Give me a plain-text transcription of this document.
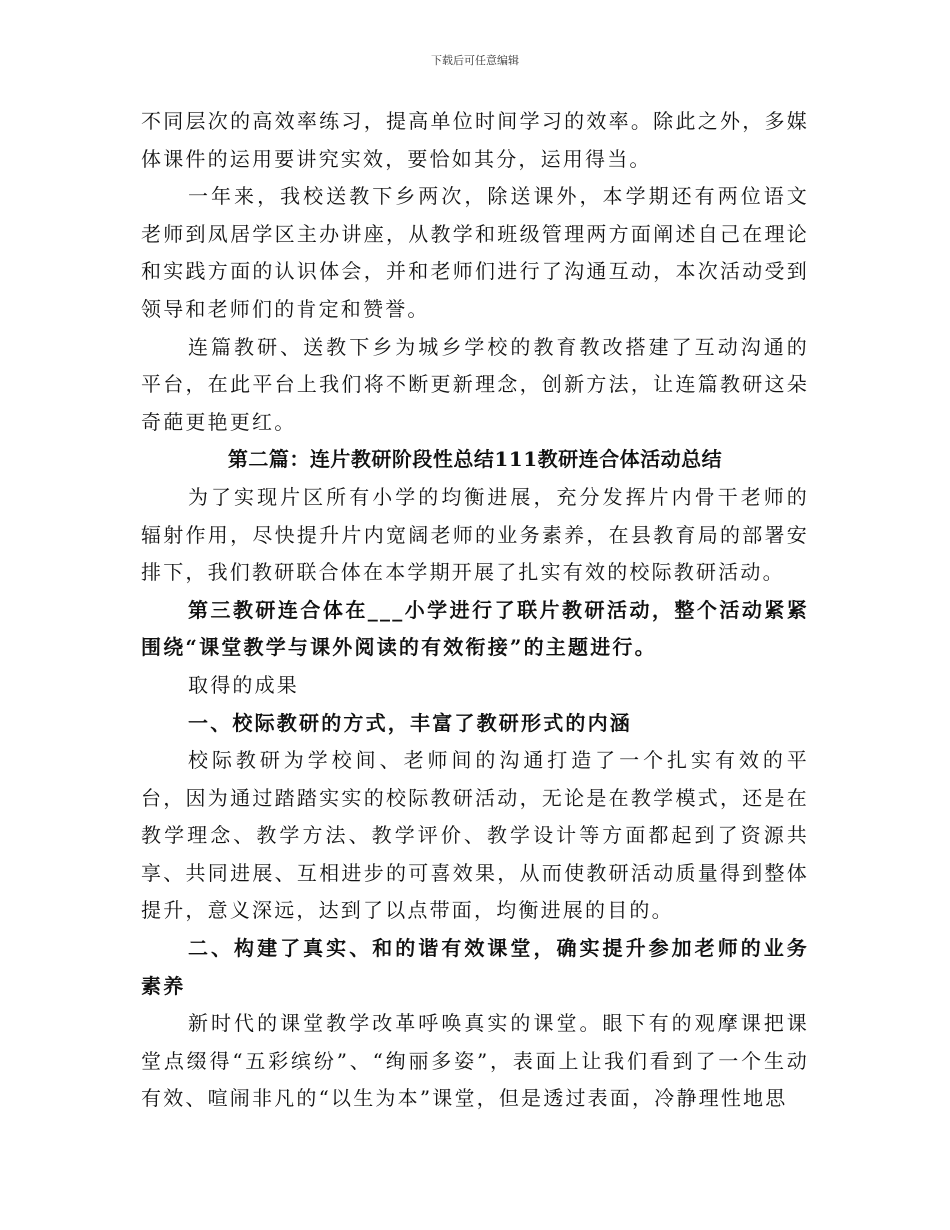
下载后可任意编辑

不同层次的高效率练习，提高单位时间学习的效率。除此之外，多媒体课件的运用要讲究实效，要恰如其分，运用得当。

一年来，我校送教下乡两次，除送课外，本学期还有两位语文老师到凤居学区主办讲座，从教学和班级管理两方面阐述自己在理论和实践方面的认识体会，并和老师们进行了沟通互动，本次活动受到领导和老师们的肯定和赞誉。

连篇教研、送教下乡为城乡学校的教育教改搭建了互动沟通的平台，在此平台上我们将不断更新理念，创新方法，让连篇教研这朵奇葩更艳更红。

第二篇：连片教研阶段性总结111教研连合体活动总结

为了实现片区所有小学的均衡进展，充分发挥片内骨干老师的辐射作用，尽快提升片内宽阔老师的业务素养，在县教育局的部署安排下，我们教研联合体在本学期开展了扎实有效的校际教研活动。

第三教研连合体在___小学进行了联片教研活动，整个活动紧紧围绕“课堂教学与课外阅读的有效衔接”的主题进行。

取得的成果

一、校际教研的方式，丰富了教研形式的内涵

校际教研为学校间、老师间的沟通打造了一个扎实有效的平台，因为通过踏踏实实的校际教研活动，无论是在教学模式，还是在教学理念、教学方法、教学评价、教学设计等方面都起到了资源共享、共同进展、互相进步的可喜效果，从而使教研活动质量得到整体提升，意义深远，达到了以点带面，均衡进展的目的。

二、构建了真实、和的谐有效课堂，确实提升参加老师的业务素养

新时代的课堂教学改革呼唤真实的课堂。眼下有的观摩课把课堂点缀得“五彩缤纷”、“绚丽多姿”，表面上让我们看到了一个生动有效、喧闹非凡的“以生为本”课堂，但是透过表面，冷静理性地思
